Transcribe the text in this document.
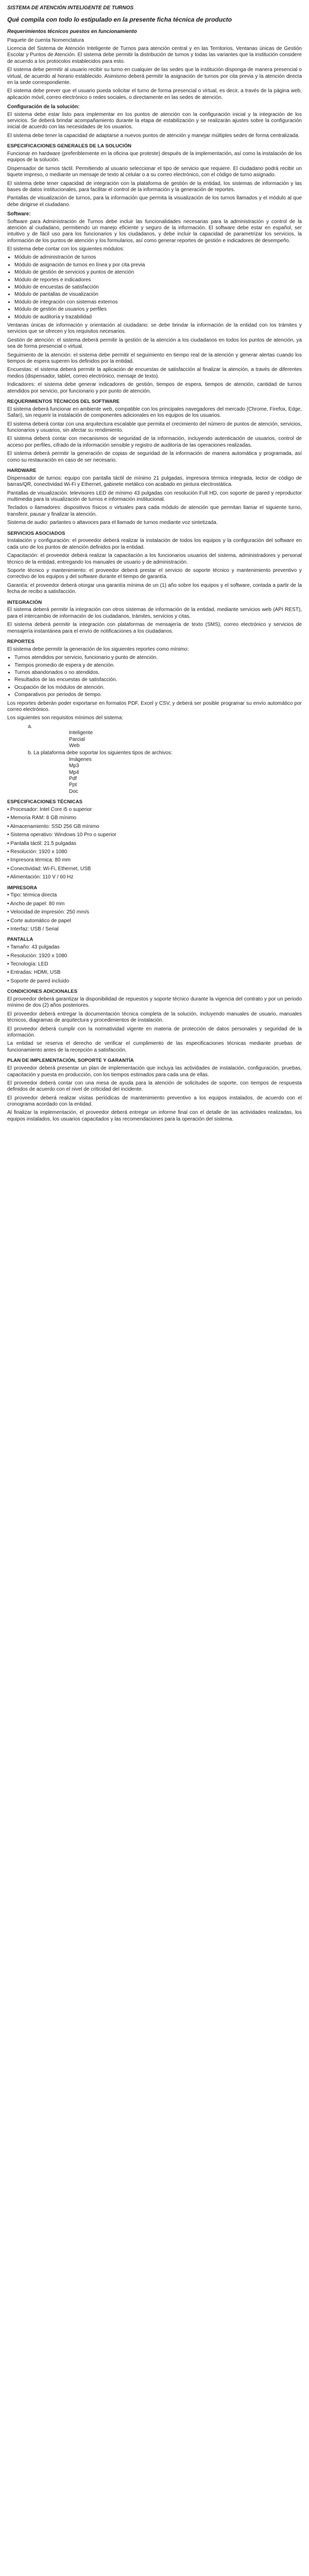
SISTEMA DE ATENCIÓN INTELIGENTE DE TURNOS
Qué compila con todo lo estipulado en la presente ficha técnica de producto
Requerimientos técnicos puestos en funcionamiento
Paquete de cuenta Nomenclatura
Licencia del Sistema de Atención Inteligente de Turnos para atención central y en las Territorios, Ventanas únicas de Gestión Escolar y Puntos de Atención. El sistema debe permitir la distribución de turnos y todas las variantes que la institución considere de acuerdo a los protocolos establecidos para esto.
El sistema debe permitir al usuario recibir su turno en cualquier de las sedes que la institución disponga de manera presencial o virtual, de acuerdo al horario establecido. Asimismo deberá permitir la asignación de turnos por cita previa y la atención directa en la sede correspondiente.
El sistema debe prever que el usuario pueda solicitar el turno de forma presencial o virtual, es decir, a través de la página web, aplicación móvil, correo electrónico o redes sociales, o directamente en las sedes de atención.
Configuración de la solución:
El sistema debe estar listo para implementar en los puntos de atención con la configuración inicial y la integración de los servicios. Se deberá brindar acompañamiento durante la etapa de estabilización y se realizarán ajustes sobre la configuración inicial de acuerdo con las necesidades de los usuarios.
El sistema debe tener la capacidad de adaptarse a nuevos puntos de atención y manejar múltiples sedes de forma centralizada.
ESPECIFICACIONES GENERALES DE LA SOLUCIÓN
Funcionar en hardware (preferiblemente en la oficina que proteste) después de la implementación, así como la instalación de los equipos de la solución.
Dispensador de turnos táctil. Permitiendo al usuario seleccionar el tipo de servicio que requiere. El ciudadano podrá recibir un tiquete impreso, o mediante un mensaje de texto al celular o a su correo electrónico, con el código de turno asignado.
El sistema debe tener capacidad de integración con la plataforma de gestión de la entidad, los sistemas de información y las bases de datos institucionales, para facilitar el control de la información y la generación de reportes.
Pantallas de visualización de turnos, para la información que permita la visualización de los turnos llamados y el módulo al que debe dirigirse el ciudadano.
Software:
Software para Administración de Turnos debe incluir las funcionalidades necesarias para la administración y control de la atención al ciudadano, permitiendo un manejo eficiente y seguro de la información. El software debe estar en español, ser intuitivo y de fácil uso para los funcionarios y los ciudadanos, y debe incluir la capacidad de parametrizar los servicios, la información de los puntos de atención y los formularios, así como generar reportes de gestión e indicadores de desempeño.
El sistema debe contar con los siguientes módulos:
• Módulo de administración de turnos
• Módulo de asignación de turnos en línea y por cita previa
• Módulo de gestión de servicios y puntos de atención
• Módulo de reportes e indicadores
• Módulo de encuestas de satisfacción
• Módulo de pantallas de visualización
• Módulo de integración con sistemas externos
• Módulo de gestión de usuarios y perfiles
• Módulo de auditoría y trazabilidad
Ventanas únicas de información y orientación al ciudadano: se debe brindar la información de la entidad con los trámites y servicios que se ofrecen y los requisitos necesarios.
Gestión de atención: el sistema deberá permitir la gestión de la atención a los ciudadanos en todos los puntos de atención, ya sea de forma presencial o virtual.
Seguimiento de la atención: el sistema debe permitir el seguimiento en tiempo real de la atención y generar alertas cuando los tiempos de espera superen los definidos por la entidad.
Encuestas: el sistema deberá permitir la aplicación de encuestas de satisfacción al finalizar la atención, a través de diferentes medios (dispensador, tablet, correo electrónico, mensaje de texto).
Indicadores: el sistema debe generar indicadores de gestión, tiempos de espera, tiempos de atención, cantidad de turnos atendidos por servicio, por funcionario y por punto de atención.
REQUERIMIENTOS TÉCNICOS DEL SOFTWARE
El sistema deberá funcionar en ambiente web, compatible con los principales navegadores del mercado (Chrome, Firefox, Edge, Safari), sin requerir la instalación de componentes adicionales en los equipos de los usuarios.
El sistema deberá contar con una arquitectura escalable que permita el crecimiento del número de puntos de atención, servicios, funcionarios y usuarios, sin afectar su rendimiento.
El sistema deberá contar con mecanismos de seguridad de la información, incluyendo autenticación de usuarios, control de acceso por perfiles, cifrado de la información sensible y registro de auditoría de las operaciones realizadas.
El sistema deberá permitir la generación de copias de seguridad de la información de manera automática y programada, así como su restauración en caso de ser necesario.
HARDWARE
Dispensador de turnos: equipo con pantalla táctil de mínimo 21 pulgadas, impresora térmica integrada, lector de código de barras/QR, conectividad Wi-Fi y Ethernet, gabinete metálico con acabado en pintura electrostática.
Pantallas de visualización: televisores LED de mínimo 43 pulgadas con resolución Full HD, con soporte de pared y reproductor multimedia para la visualización de turnos e información institucional.
Teclados o llamadores: dispositivos físicos o virtuales para cada módulo de atención que permitan llamar el siguiente turno, transferir, pausar y finalizar la atención.
Sistema de audio: parlantes o altavoces para el llamado de turnos mediante voz sintetizada.
SERVICIOS ASOCIADOS
Instalación y configuración: el proveedor deberá realizar la instalación de todos los equipos y la configuración del software en cada uno de los puntos de atención definidos por la entidad.
Capacitación: el proveedor deberá realizar la capacitación a los funcionarios usuarios del sistema, administradores y personal técnico de la entidad, entregando los manuales de usuario y de administración.
Soporte técnico y mantenimiento: el proveedor deberá prestar el servicio de soporte técnico y mantenimiento preventivo y correctivo de los equipos y del software durante el tiempo de garantía.
Garantía: el proveedor deberá otorgar una garantía mínima de un (1) año sobre los equipos y el software, contada a partir de la fecha de recibo a satisfacción.
INTEGRACIÓN
El sistema deberá permitir la integración con otros sistemas de información de la entidad, mediante servicios web (API REST), para el intercambio de información de los ciudadanos, trámites, servicios y citas.
El sistema deberá permitir la integración con plataformas de mensajería de texto (SMS), correo electrónico y servicios de mensajería instantánea para el envío de notificaciones a los ciudadanos.
REPORTES
El sistema debe permitir la generación de los siguientes reportes como mínimo:
• Turnos atendidos por servicio, funcionario y punto de atención.
• Tiempos promedio de espera y de atención.
• Turnos abandonados o no atendidos.
• Resultados de las encuestas de satisfacción.
• Ocupación de los módulos de atención.
• Comparativos por periodos de tiempo.
Los reportes deberán poder exportarse en formatos PDF, Excel y CSV, y deberá ser posible programar su envío automático por correo electrónico.
Los siguientes son requisitos mínimos del sistema:
a.
Inteligente
Parcial
Web
b. La plataforma debe soportar los siguientes tipos de archivos:
Imágenes
Mp3
Mp4
Pdf
Ppt
Doc
ESPECIFICACIONES TÉCNICAS
• Procesador: Intel Core i5 o superior
• Memoria RAM: 8 GB mínimo
• Almacenamiento: SSD 256 GB mínimo
• Sistema operativo: Windows 10 Pro o superior
• Pantalla táctil: 21.5 pulgadas
• Resolución: 1920 x 1080
• Impresora térmica: 80 mm
• Conectividad: Wi-Fi, Ethernet, USB
• Alimentación: 110 V / 60 Hz
IMPRESORA
• Tipo: térmica directa
• Ancho de papel: 80 mm
• Velocidad de impresión: 250 mm/s
• Corte automático de papel
• Interfaz: USB / Serial
PANTALLA
• Tamaño: 43 pulgadas
• Resolución: 1920 x 1080
• Tecnología: LED
• Entradas: HDMI, USB
• Soporte de pared incluido
CONDICIONES ADICIONALES
El proveedor deberá garantizar la disponibilidad de repuestos y soporte técnico durante la vigencia del contrato y por un periodo mínimo de dos (2) años posteriores.
El proveedor deberá entregar la documentación técnica completa de la solución, incluyendo manuales de usuario, manuales técnicos, diagramas de arquitectura y procedimientos de instalación.
El proveedor deberá cumplir con la normatividad vigente en materia de protección de datos personales y seguridad de la información.
La entidad se reserva el derecho de verificar el cumplimiento de las especificaciones técnicas mediante pruebas de funcionamiento antes de la recepción a satisfacción.
PLAN DE IMPLEMENTACIÓN, SOPORTE Y GARANTÍA
El proveedor deberá presentar un plan de implementación que incluya las actividades de instalación, configuración, pruebas, capacitación y puesta en producción, con los tiempos estimados para cada una de ellas.
El proveedor deberá contar con una mesa de ayuda para la atención de solicitudes de soporte, con tiempos de respuesta definidos de acuerdo con el nivel de criticidad del incidente.
El proveedor deberá realizar visitas periódicas de mantenimiento preventivo a los equipos instalados, de acuerdo con el cronograma acordado con la entidad.
Al finalizar la implementación, el proveedor deberá entregar un informe final con el detalle de las actividades realizadas, los equipos instalados, los usuarios capacitados y las recomendaciones para la operación del sistema.
